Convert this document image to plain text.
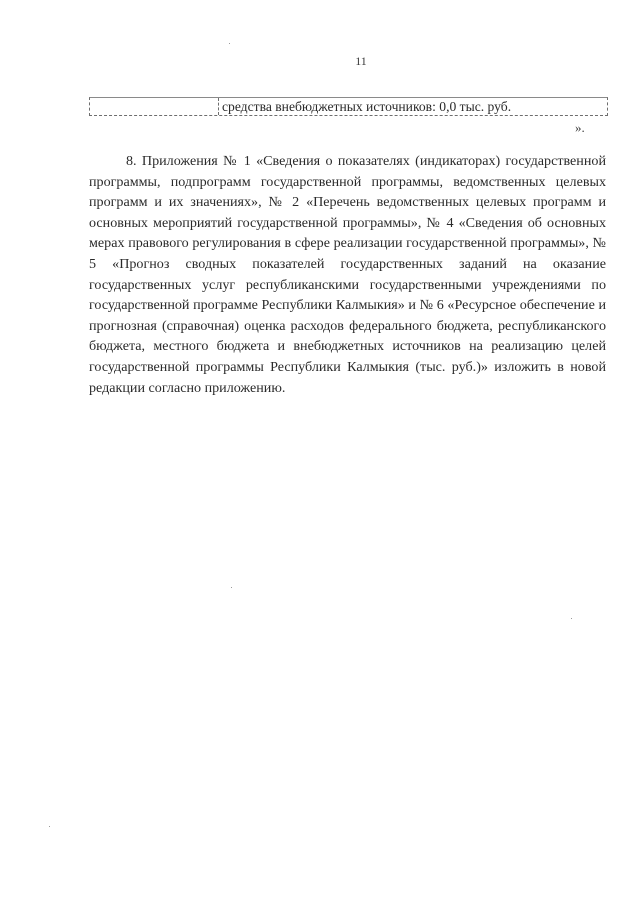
11
средства внебюджетных источников: 0,0 тыс. руб.
».

8. Приложения № 1 «Сведения о показателях (индикаторах) государственной программы, подпрограмм государственной программы, ведомственных целевых программ и их значениях», № 2 «Перечень ведомственных целевых программ и основных мероприятий государственной программы», № 4 «Сведения об основных мерах правового регулирования в сфере реализации государственной программы», № 5 «Прогноз сводных показателей государственных заданий на оказание государственных услуг республиканскими государственными учреждениями по государственной программе Республики Калмыкия» и № 6 «Ресурсное обеспечение и прогнозная (справочная) оценка расходов федерального бюджета, республиканского бюджета, местного бюджета и внебюджетных источников на реализацию целей государственной программы Республики Калмыкия (тыс. руб.)» изложить в новой редакции согласно приложению.
